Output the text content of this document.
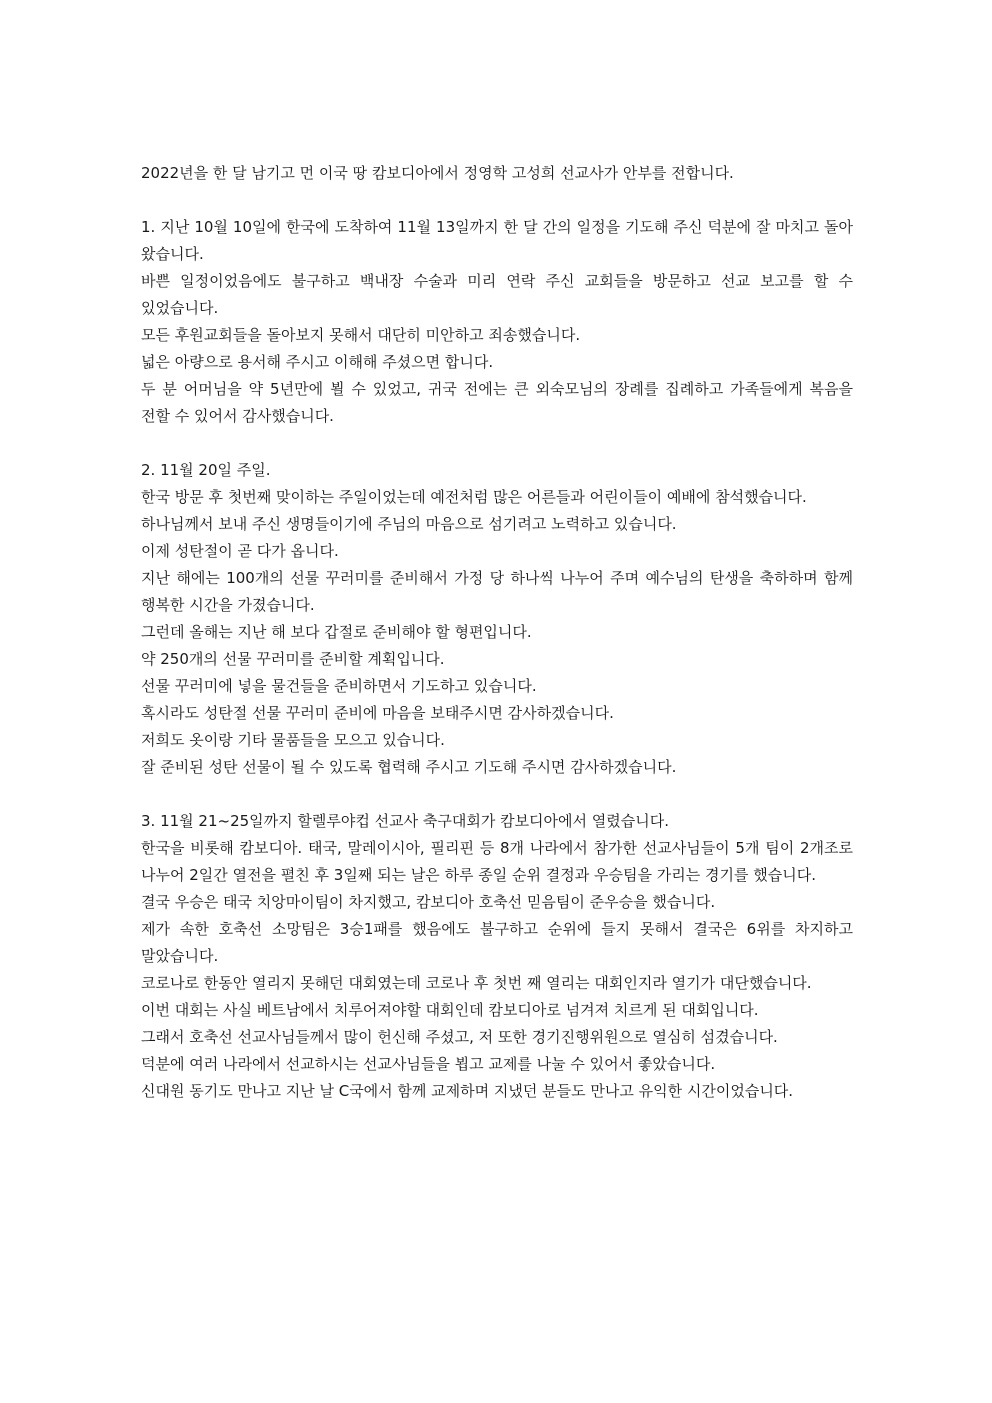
2022년을 한 달 남기고 먼 이국 땅 캄보디아에서 정영학 고성희 선교사가 안부를 전합니다.

1. 지난 10월 10일에 한국에 도착하여 11월 13일까지 한 달 간의 일정을 기도해 주신 덕분에 잘 마치고 돌아 왔습니다.

바쁜 일정이었음에도 불구하고 백내장 수술과 미리 연락 주신 교회들을 방문하고 선교 보고를 할 수 있었습니다.

모든 후원교회들을 돌아보지 못해서 대단히 미안하고 죄송했습니다.

넓은 아량으로 용서해 주시고 이해해 주셨으면 합니다.

두 분 어머님을 약 5년만에 뵐 수 있었고, 귀국 전에는 큰 외숙모님의 장례를 집례하고 가족들에게 복음을 전할 수 있어서 감사했습니다.

2. 11월 20일 주일.

한국 방문 후 첫번째 맞이하는 주일이었는데 예전처럼 많은 어른들과 어린이들이 예배에 참석했습니다.

하나님께서 보내 주신 생명들이기에 주님의 마음으로 섬기려고 노력하고 있습니다.

이제 성탄절이 곧 다가 옵니다.

지난 해에는 100개의 선물 꾸러미를 준비해서 가정 당 하나씩 나누어 주며 예수님의 탄생을 축하하며 함께 행복한 시간을 가졌습니다.

그런데 올해는 지난 해 보다 갑절로 준비해야 할 형편입니다.

약 250개의 선물 꾸러미를 준비할 계획입니다.

선물 꾸러미에 넣을 물건들을 준비하면서 기도하고 있습니다.

혹시라도 성탄절 선물 꾸러미 준비에 마음을 보태주시면 감사하겠습니다.

저희도 옷이랑 기타 물품들을 모으고 있습니다.

잘 준비된 성탄 선물이 될 수 있도록 협력해 주시고 기도해 주시면 감사하겠습니다.

3. 11월 21~25일까지 할렐루야컵 선교사 축구대회가 캄보디아에서 열렸습니다.

한국을 비롯해 캄보디아. 태국, 말레이시아, 필리핀 등 8개 나라에서 참가한 선교사님들이 5개 팀이 2개조로 나누어 2일간 열전을 펼친 후 3일째 되는 날은 하루 종일 순위 결정과 우승팀을 가리는 경기를 했습니다.

결국 우승은 태국 치앙마이팀이 차지했고, 캄보디아 호축선 믿음팀이 준우승을 했습니다.

제가 속한 호축선 소망팀은 3승1패를 했음에도 불구하고 순위에 들지 못해서 결국은 6위를 차지하고 말았습니다.

코로나로 한동안 열리지 못해던 대회였는데 코로나 후 첫번 째 열리는 대회인지라 열기가 대단했습니다.

이번 대회는 사실 베트남에서 치루어져야할 대회인데 캄보디아로 넘겨져 치르게 된 대회입니다.

그래서 호축선 선교사님들께서 많이 헌신해 주셨고, 저 또한 경기진행위원으로 열심히 섬겼습니다.

덕분에 여러 나라에서 선교하시는 선교사님들을 뵙고 교제를 나눌 수 있어서 좋았습니다.

신대원 동기도 만나고 지난 날 C국에서 함께 교제하며 지냈던 분들도 만나고 유익한 시간이었습니다.
